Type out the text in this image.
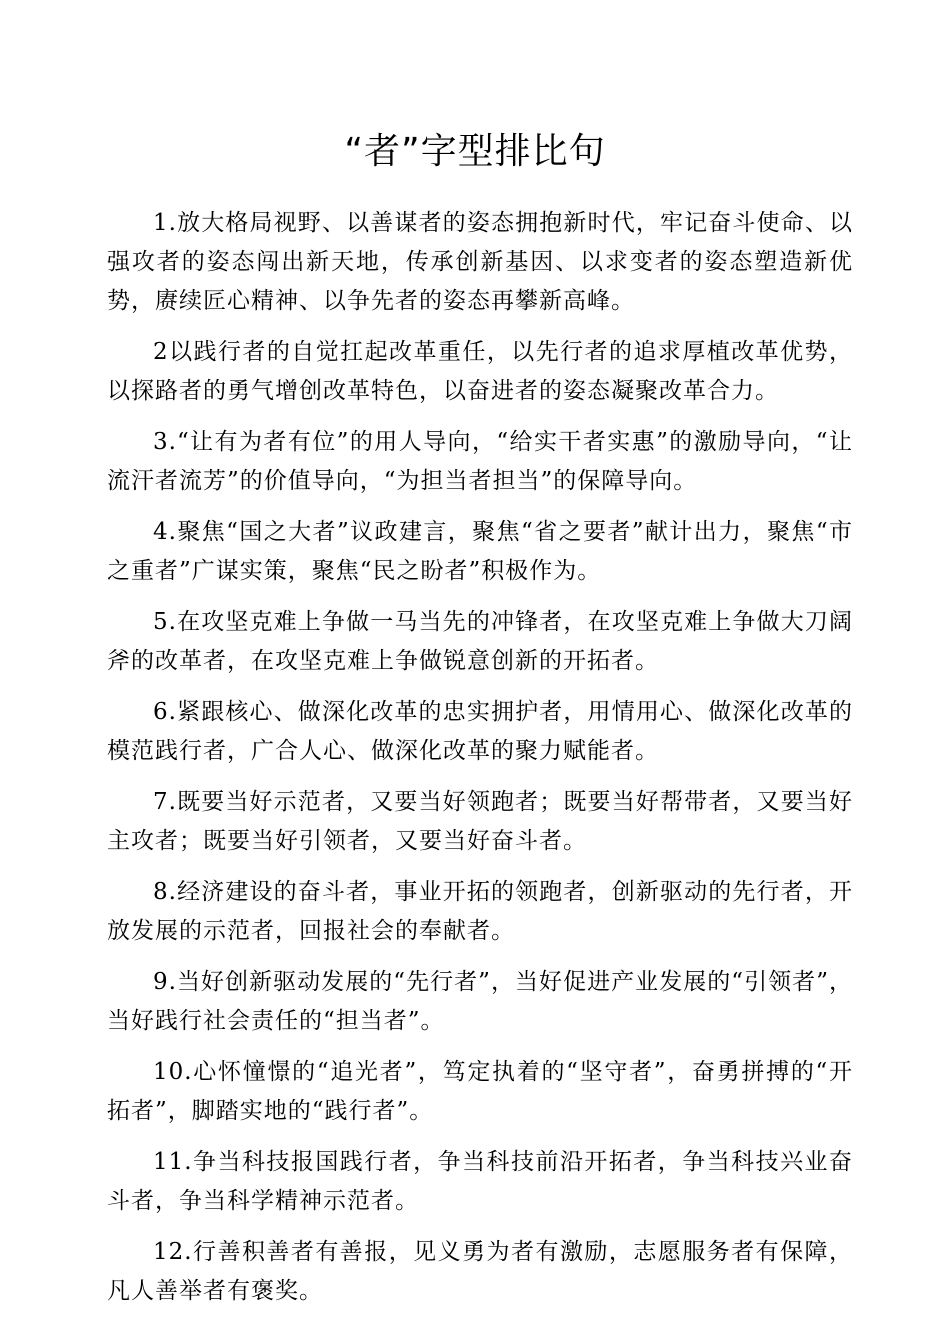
“者”字型排比句

1.放大格局视野、以善谋者的姿态拥抱新时代，牢记奋斗使命、以强攻者的姿态闯出新天地，传承创新基因、以求变者的姿态塑造新优势，赓续匠心精神、以争先者的姿态再攀新高峰。

2以践行者的自觉扛起改革重任，以先行者的追求厚植改革优势，以探路者的勇气增创改革特色，以奋进者的姿态凝聚改革合力。

3.“让有为者有位”的用人导向，“给实干者实惠”的激励导向，“让流汗者流芳”的价值导向，“为担当者担当”的保障导向。

4.聚焦“国之大者”议政建言，聚焦“省之要者”献计出力，聚焦“市之重者”广谋实策，聚焦“民之盼者”积极作为。

5.在攻坚克难上争做一马当先的冲锋者，在攻坚克难上争做大刀阔斧的改革者，在攻坚克难上争做锐意创新的开拓者。

6.紧跟核心、做深化改革的忠实拥护者，用情用心、做深化改革的模范践行者，广合人心、做深化改革的聚力赋能者。

7.既要当好示范者，又要当好领跑者；既要当好帮带者，又要当好主攻者；既要当好引领者，又要当好奋斗者。

8.经济建设的奋斗者，事业开拓的领跑者，创新驱动的先行者，开放发展的示范者，回报社会的奉献者。

9.当好创新驱动发展的“先行者”，当好促进产业发展的“引领者”，当好践行社会责任的“担当者”。

10.心怀憧憬的“追光者”，笃定执着的“坚守者”，奋勇拼搏的“开拓者”，脚踏实地的“践行者”。

11.争当科技报国践行者，争当科技前沿开拓者，争当科技兴业奋斗者，争当科学精神示范者。

12.行善积善者有善报，见义勇为者有激励，志愿服务者有保障，凡人善举者有褒奖。
